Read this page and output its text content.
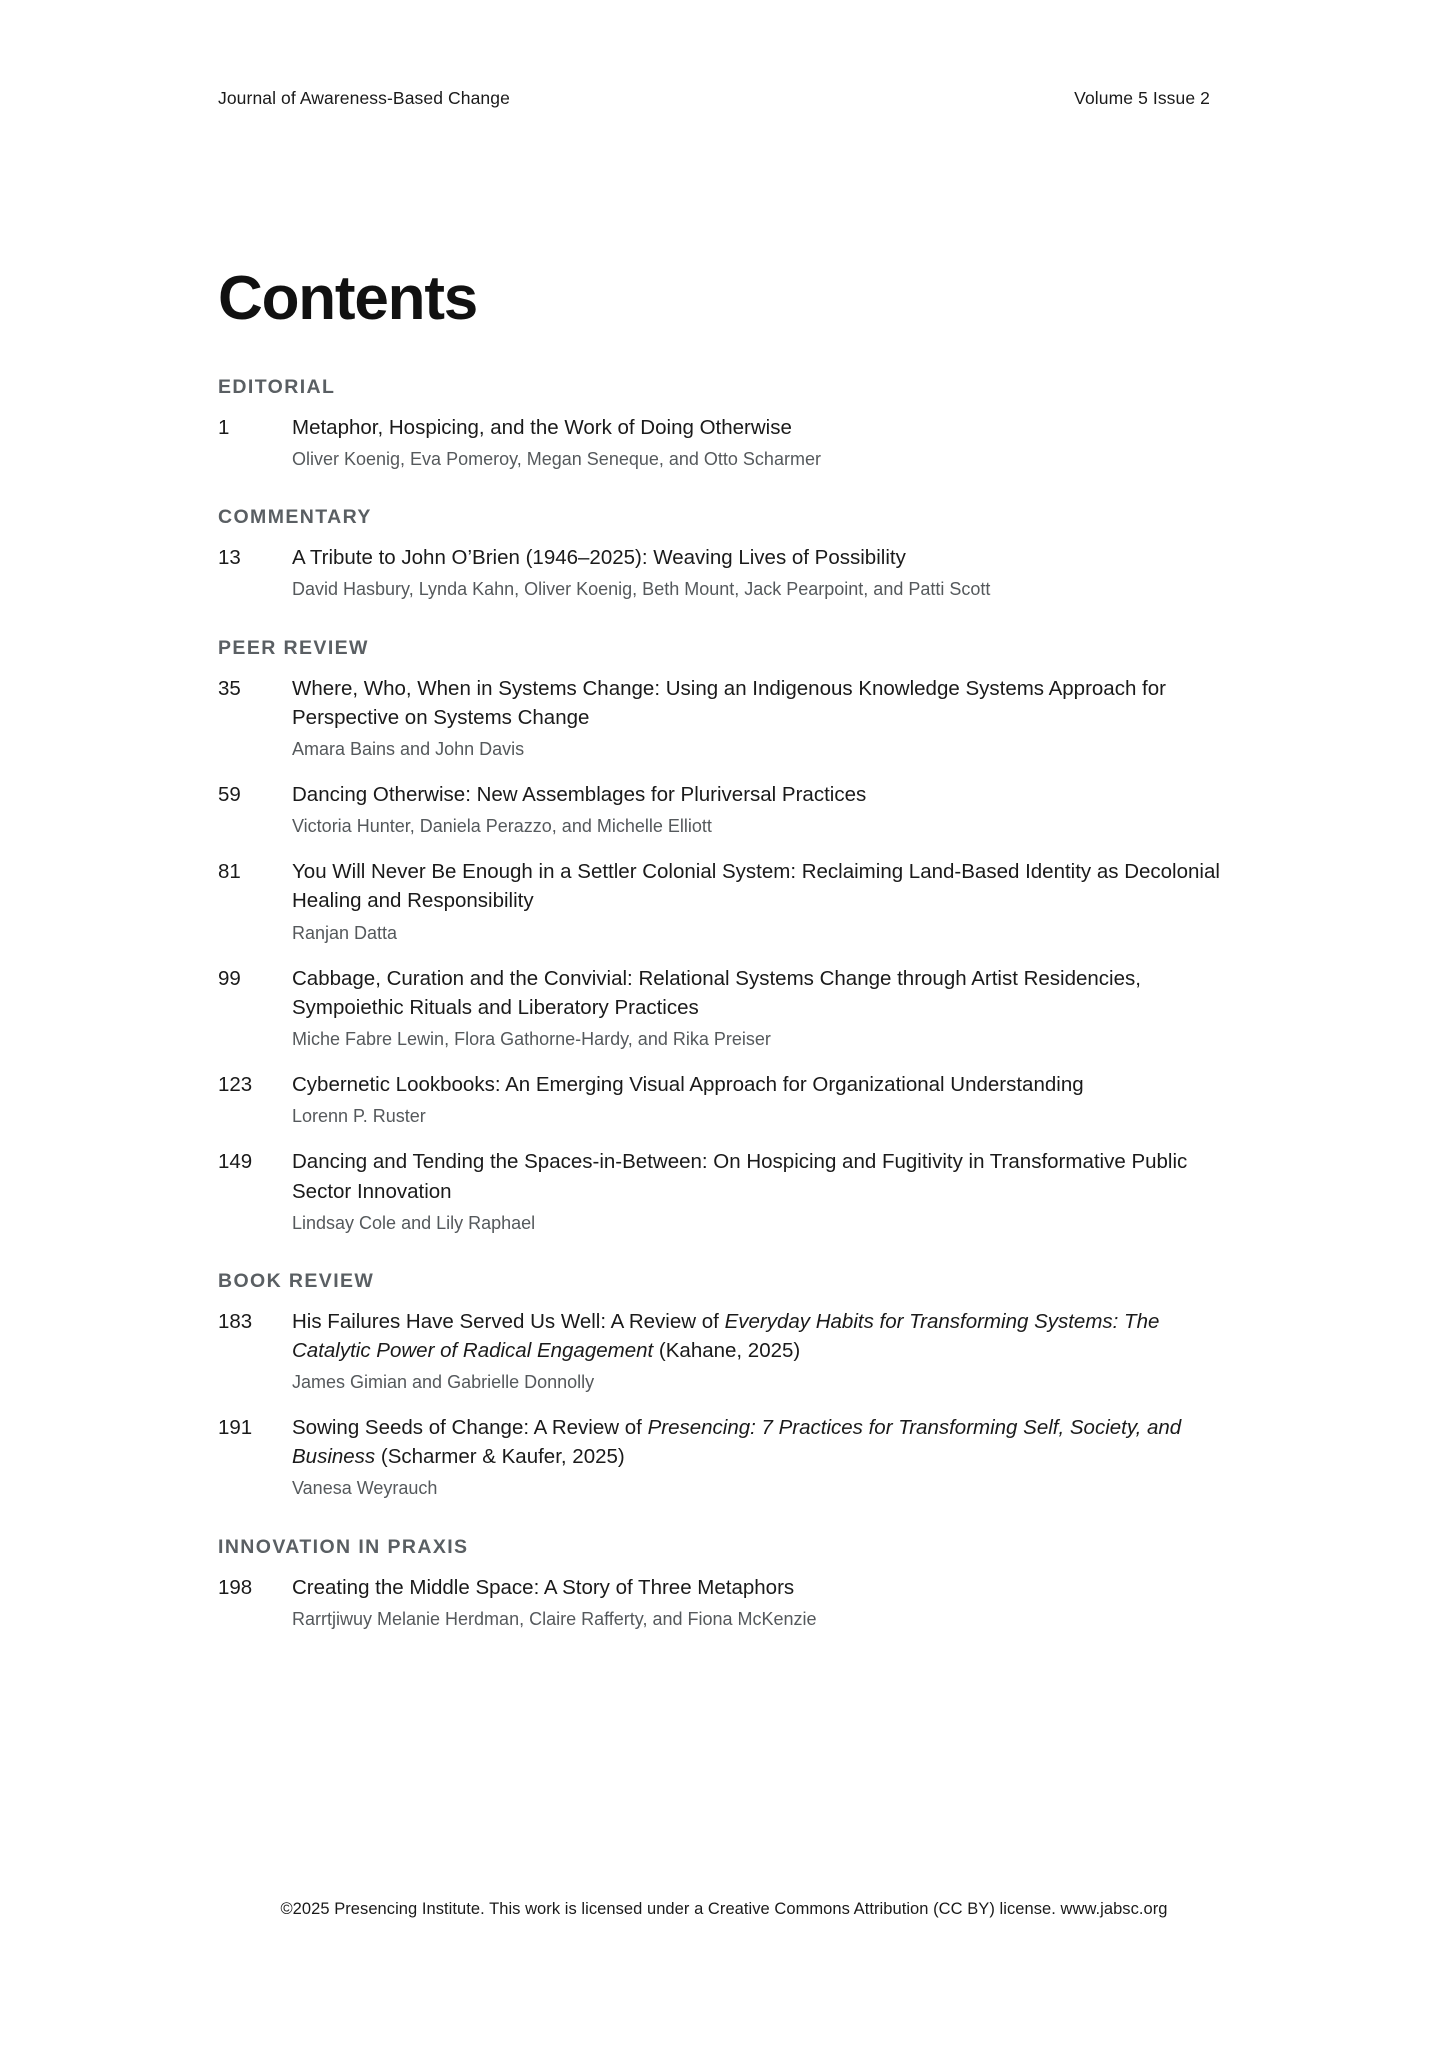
Journal of Awareness-Based Change	Volume 5 Issue 2
Contents
EDITORIAL
1	Metaphor, Hospicing, and the Work of Doing Otherwise
Oliver Koenig, Eva Pomeroy, Megan Seneque, and Otto Scharmer
COMMENTARY
13	A Tribute to John O’Brien (1946–2025): Weaving Lives of Possibility
David Hasbury, Lynda Kahn, Oliver Koenig, Beth Mount, Jack Pearpoint, and Patti Scott
PEER REVIEW
35	Where, Who, When in Systems Change: Using an Indigenous Knowledge Systems Approach for Perspective on Systems Change
Amara Bains and John Davis
59	Dancing Otherwise: New Assemblages for Pluriversal Practices
Victoria Hunter, Daniela Perazzo, and Michelle Elliott
81	You Will Never Be Enough in a Settler Colonial System: Reclaiming Land-Based Identity as Decolonial Healing and Responsibility
Ranjan Datta
99	Cabbage, Curation and the Convivial: Relational Systems Change through Artist Residencies, Sympoiethic Rituals and Liberatory Practices
Miche Fabre Lewin, Flora Gathorne-Hardy, and Rika Preiser
123	Cybernetic Lookbooks: An Emerging Visual Approach for Organizational Understanding
Lorenn P. Ruster
149	Dancing and Tending the Spaces-in-Between: On Hospicing and Fugitivity in Transformative Public Sector Innovation
Lindsay Cole and Lily Raphael
BOOK REVIEW
183	His Failures Have Served Us Well: A Review of Everyday Habits for Transforming Systems: The Catalytic Power of Radical Engagement (Kahane, 2025)
James Gimian and Gabrielle Donnolly
191	Sowing Seeds of Change: A Review of Presencing: 7 Practices for Transforming Self, Society, and Business (Scharmer & Kaufer, 2025)
Vanesa Weyrauch
INNOVATION IN PRAXIS
198	Creating the Middle Space: A Story of Three Metaphors
Rarrtjiwuy Melanie Herdman, Claire Rafferty, and Fiona McKenzie
©2025 Presencing Institute. This work is licensed under a Creative Commons Attribution (CC BY) license. www.jabsc.org
